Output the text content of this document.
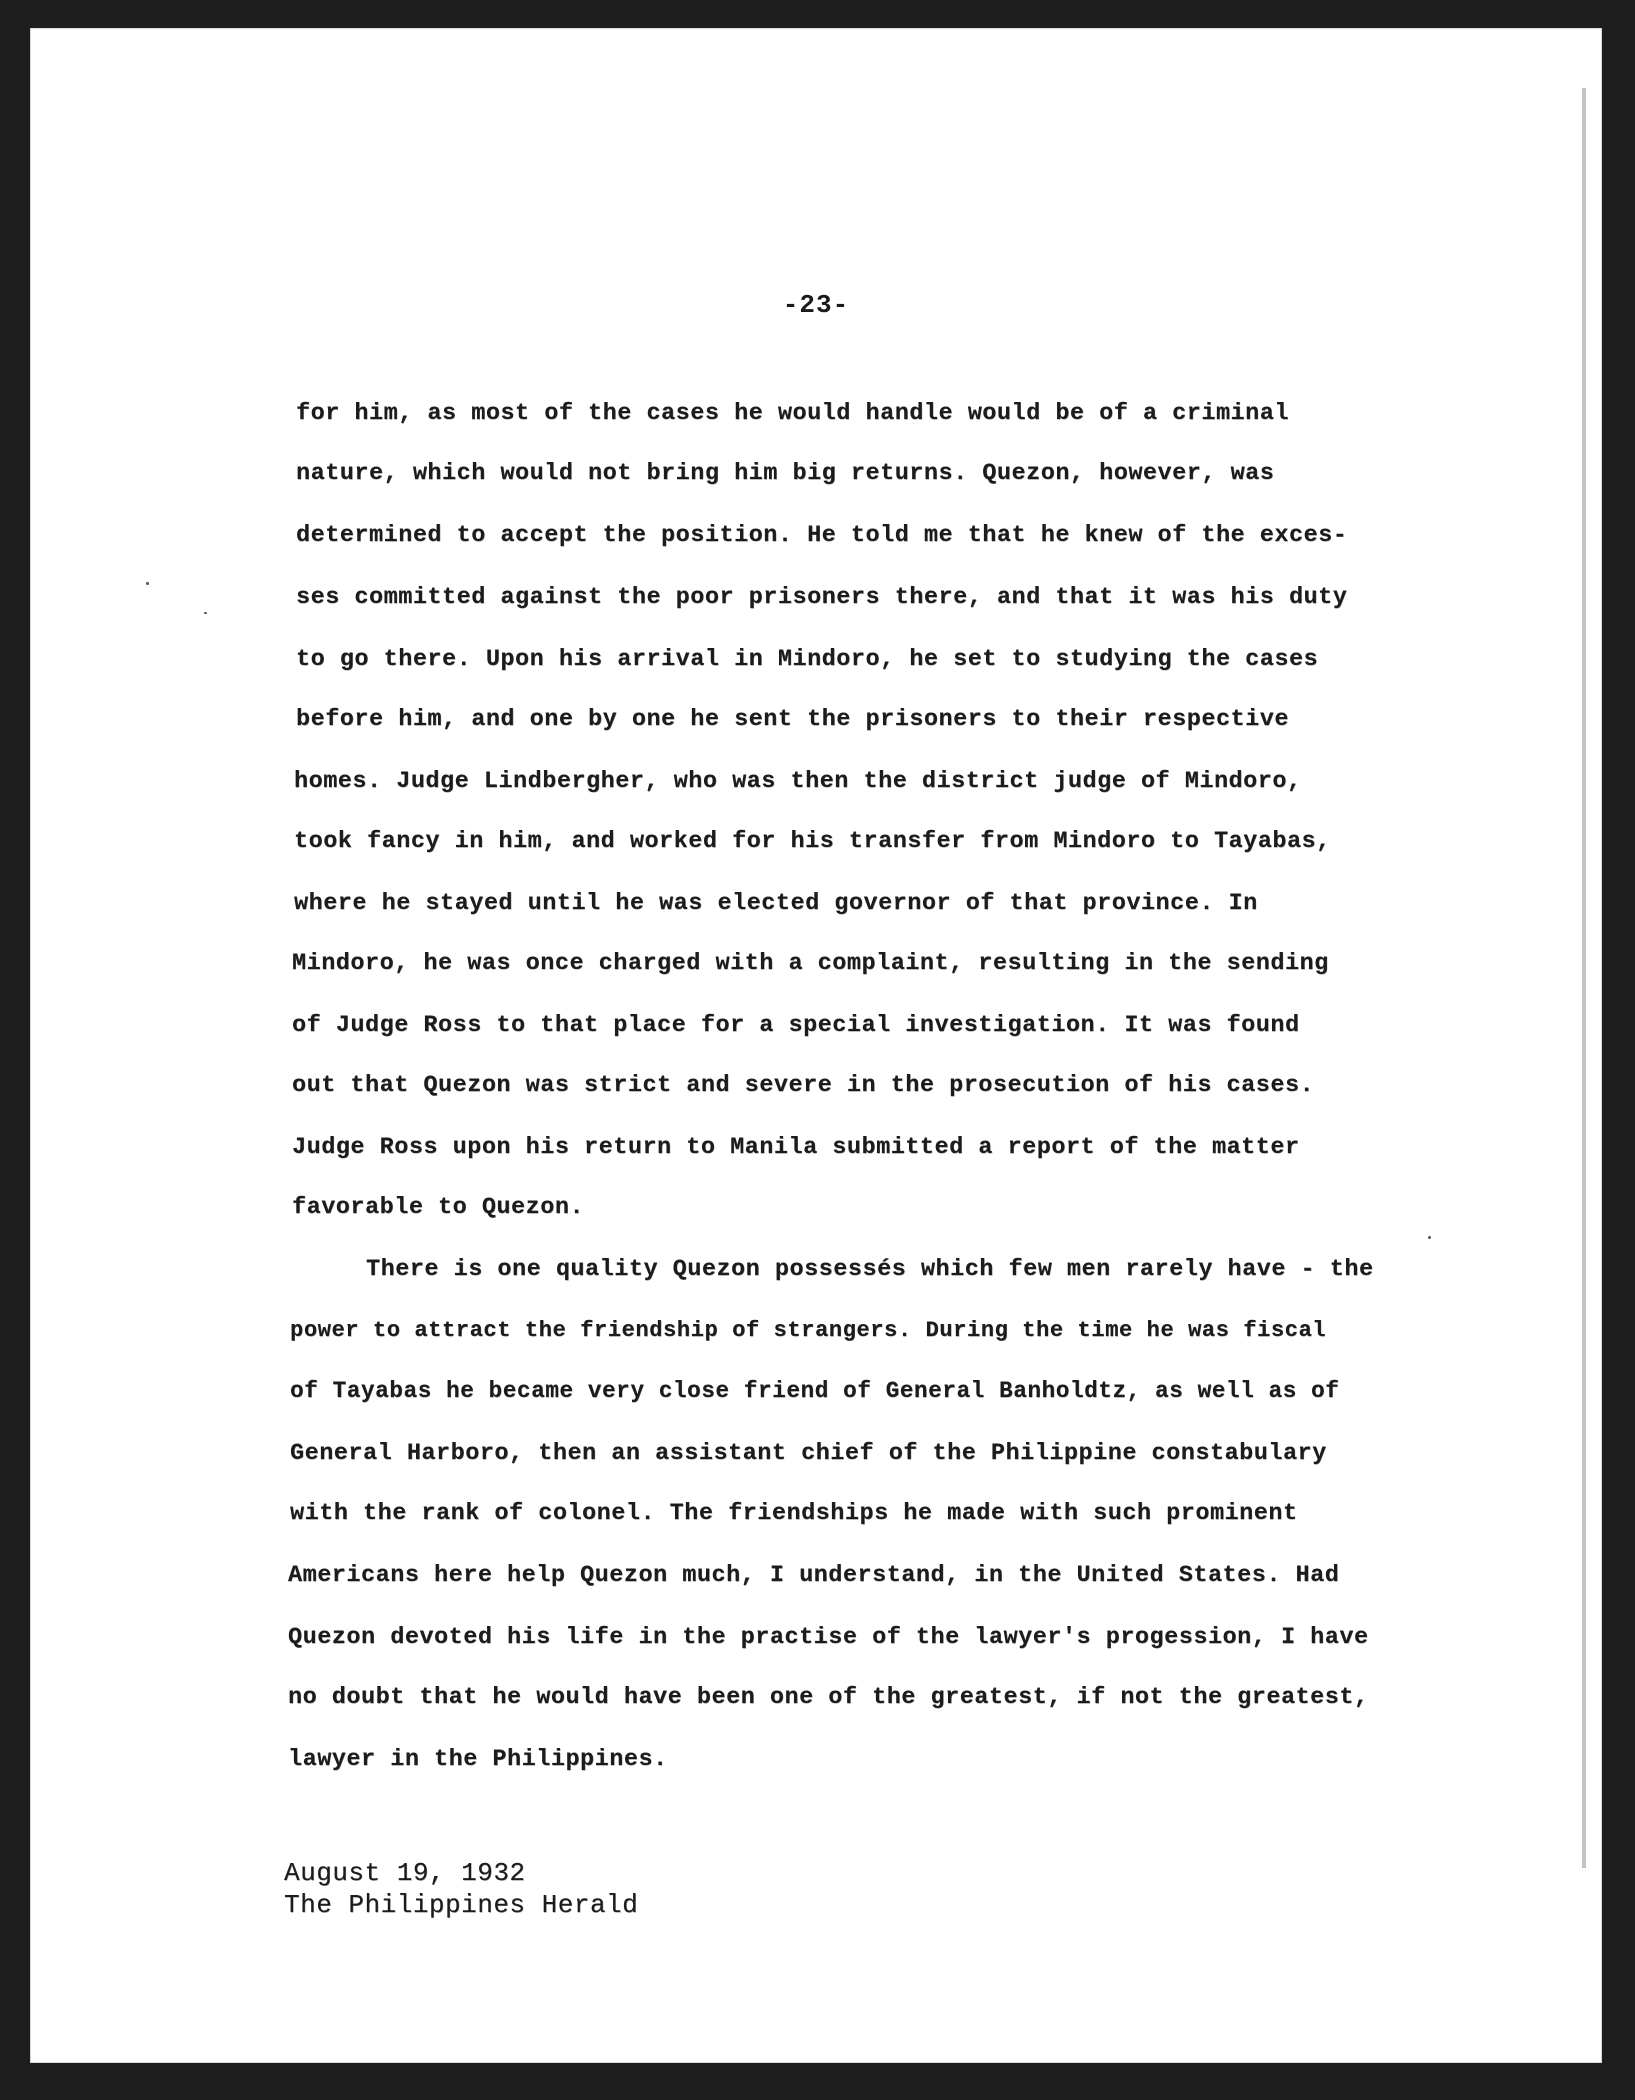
-23-
for him, as most of the cases he would handle would be of a criminal
nature, which would not bring him big returns. Quezon, however, was
determined to accept the position. He told me that he knew of the exces-
ses committed against the poor prisoners there, and that it was his duty
to go there. Upon his arrival in Mindoro, he set to studying the cases
before him, and one by one he sent the prisoners to their respective
homes. Judge Lindbergher, who was then the district judge of Mindoro,
took fancy in him, and worked for his transfer from Mindoro to Tayabas,
where he stayed until he was elected governor of that province. In
Mindoro, he was once charged with a complaint, resulting in the sending
of Judge Ross to that place for a special investigation. It was found
out that Quezon was strict and severe in the prosecution of his cases.
Judge Ross upon his return to Manila submitted a report of the matter
favorable to Quezon.
There is one quality Quezon possessés which few men rarely have - the
power to attract the friendship of strangers. During the time he was fiscal
of Tayabas he became very close friend of General Banholdtz, as well as of
General Harboro, then an assistant chief of the Philippine constabulary
with the rank of colonel. The friendships he made with such prominent
Americans here help Quezon much, I understand, in the United States. Had
Quezon devoted his life in the practise of the lawyer's progession, I have
no doubt that he would have been one of the greatest, if not the greatest,
lawyer in the Philippines.
August 19, 1932
The Philippines Herald
